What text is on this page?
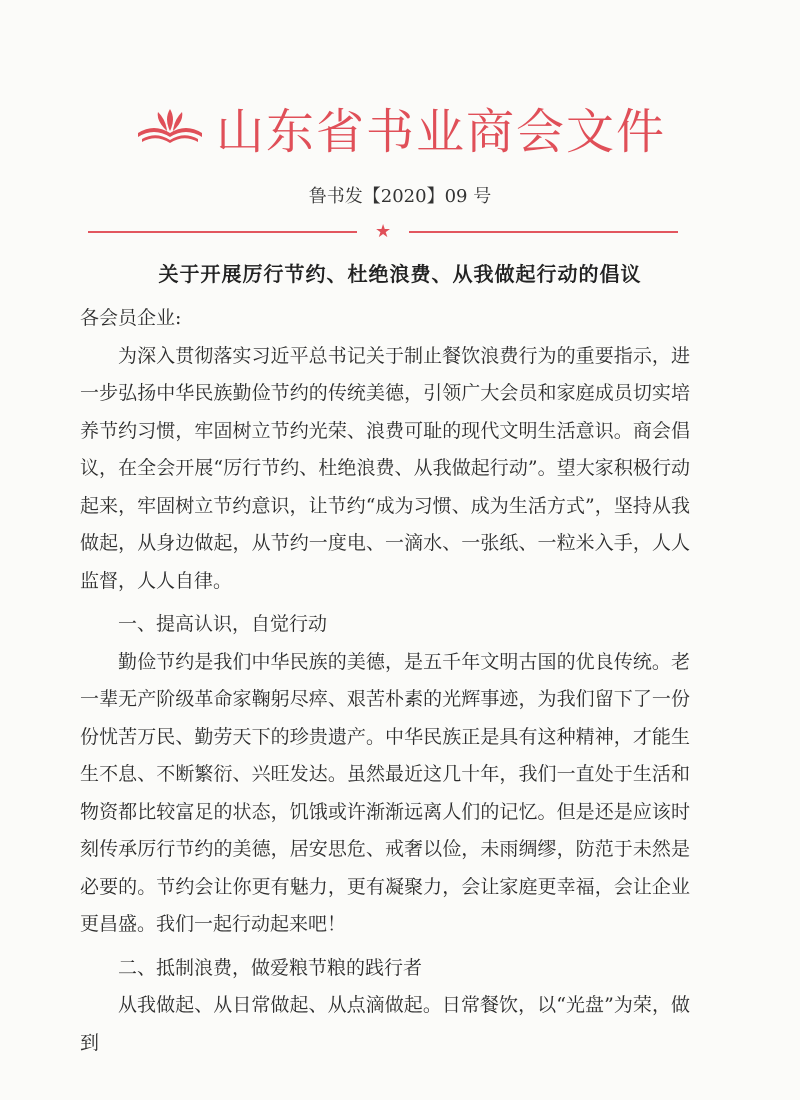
山东省书业商会文件
鲁书发【2020】09 号
★
关于开展厉行节约、杜绝浪费、从我做起行动的倡议

各会员企业:

为深入贯彻落实习近平总书记关于制止餐饮浪费行为的重要指示，进一步弘扬中华民族勤俭节约的传统美德，引领广大会员和家庭成员切实培养节约习惯，牢固树立节约光荣、浪费可耻的现代文明生活意识。商会倡议，在全会开展“厉行节约、杜绝浪费、从我做起行动”。望大家积极行动起来，牢固树立节约意识，让节约“成为习惯、成为生活方式”，坚持从我做起，从身边做起，从节约一度电、一滴水、一张纸、一粒米入手，人人监督，人人自律。

一、提高认识，自觉行动

勤俭节约是我们中华民族的美德，是五千年文明古国的优良传统。老一辈无产阶级革命家鞠躬尽瘁、艰苦朴素的光辉事迹，为我们留下了一份份忧苦万民、勤劳天下的珍贵遗产。中华民族正是具有这种精神，才能生生不息、不断繁衍、兴旺发达。虽然最近这几十年，我们一直处于生活和物资都比较富足的状态，饥饿或许渐渐远离人们的记忆。但是还是应该时刻传承厉行节约的美德，居安思危、戒奢以俭，未雨绸缪，防范于未然是必要的。节约会让你更有魅力，更有凝聚力，会让家庭更幸福，会让企业更昌盛。我们一起行动起来吧！

二、抵制浪费，做爱粮节粮的践行者

从我做起、从日常做起、从点滴做起。日常餐饮，以“光盘”为荣，做到
